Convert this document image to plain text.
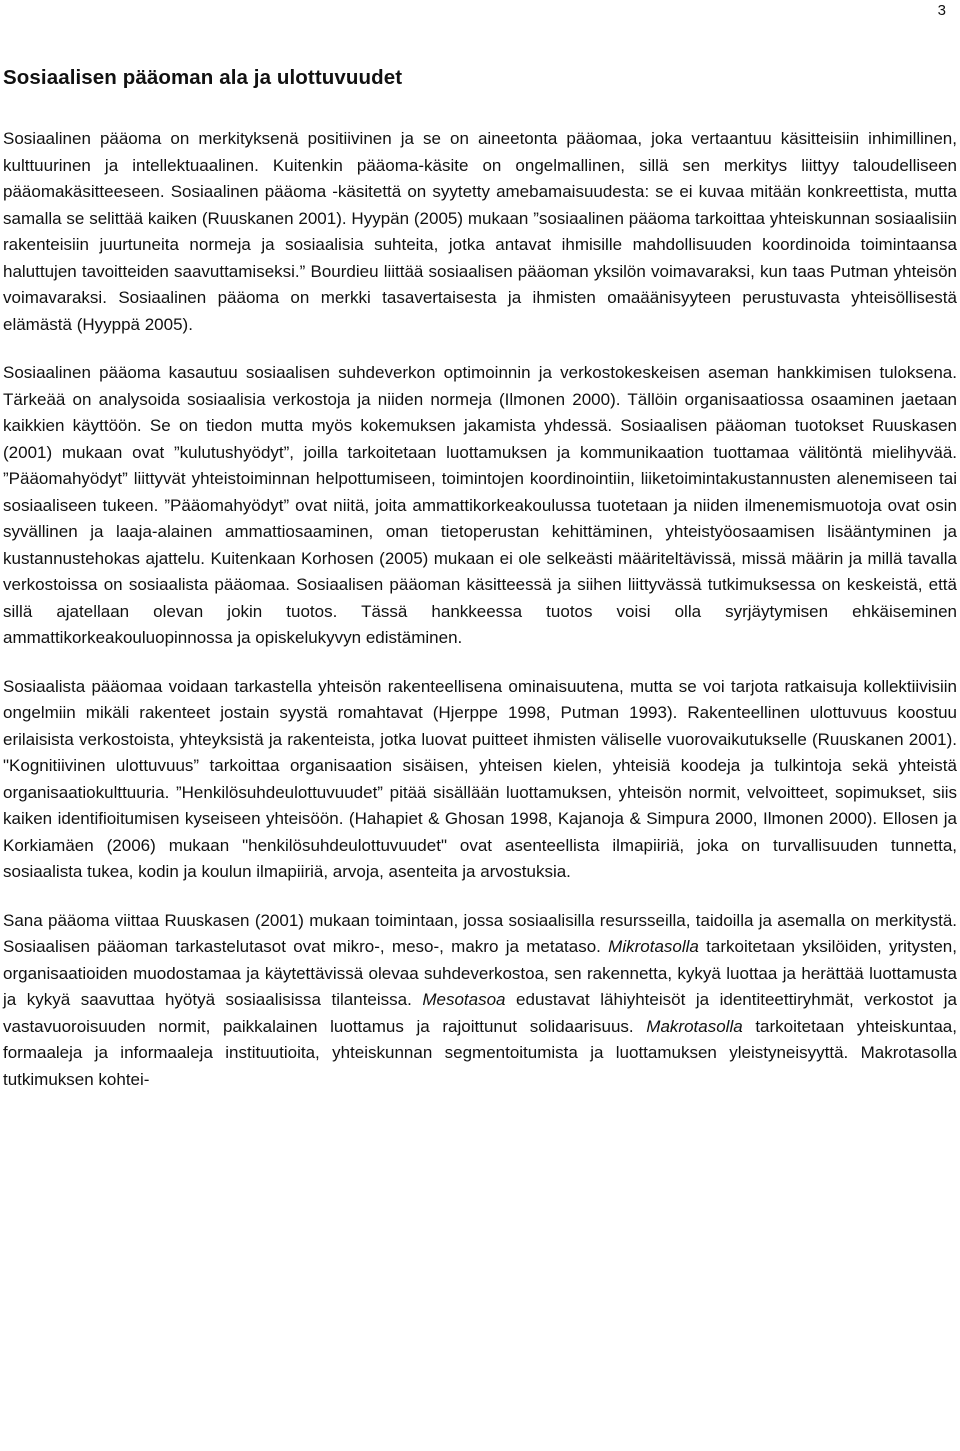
3
Sosiaalisen pääoman ala ja ulottuvuudet

Sosiaalinen pääoma on merkityksenä positiivinen ja se on aineetonta pääomaa, joka vertaantuu käsitteisiin inhimillinen, kulttuurinen ja intellektuaalinen. Kuitenkin pääoma-käsite on ongelmallinen, sillä sen merkitys liittyy taloudelliseen pääomakäsitteeseen. Sosiaalinen pääoma -käsitettä on syytetty amebamaisuudesta: se ei kuvaa mitään konkreettista, mutta samalla se selittää kaiken (Ruuskanen 2001). Hyypän (2005) mukaan ”sosiaalinen pääoma tarkoittaa yhteiskunnan sosiaalisiin rakenteisiin juurtuneita normeja ja sosiaalisia suhteita, jotka antavat ihmisille mahdollisuuden koordinoida toimintaansa haluttujen tavoitteiden saavuttamiseksi.” Bourdieu liittää sosiaalisen pääoman yksilön voimavaraksi, kun taas Putman yhteisön voimavaraksi. Sosiaalinen pääoma on merkki tasavertaisesta ja ihmisten omaäänisyyteen perustuvasta yhteisöllisestä elämästä (Hyyppä 2005).

Sosiaalinen pääoma kasautuu sosiaalisen suhdeverkon optimoinnin ja verkostokeskeisen aseman hankkimisen tuloksena. Tärkeää on analysoida sosiaalisia verkostoja ja niiden normeja (Ilmonen 2000). Tällöin organisaatiossa osaaminen jaetaan kaikkien käyttöön. Se on tiedon mutta myös kokemuksen jakamista yhdessä. Sosiaalisen pääoman tuotokset Ruuskasen (2001) mukaan ovat ”kulutushyödyt”, joilla tarkoitetaan luottamuksen ja kommunikaation tuottamaa välitöntä mielihyvää. ”Pääomahyödyt” liittyvät yhteistoiminnan helpottumiseen, toimintojen koordinointiin, liiketoimintakustannusten alenemiseen tai sosiaaliseen tukeen. ”Pääomahyödyt” ovat niitä, joita ammattikorkeakoulussa tuotetaan ja niiden ilmenemismuotoja ovat osin syvällinen ja laaja-alainen ammattiosaaminen, oman tietoperustan kehittäminen, yhteistyöosaamisen lisääntyminen ja kustannustehokas ajattelu. Kuitenkaan Korhosen (2005) mukaan ei ole selkeästi määriteltävissä, missä määrin ja millä tavalla verkostoissa on sosiaalista pääomaa. Sosiaalisen pääoman käsitteessä ja siihen liittyvässä tutkimuksessa on keskeistä, että sillä ajatellaan olevan jokin tuotos. Tässä hankkeessa tuotos voisi olla syrjäytymisen ehkäiseminen ammattikorkeakouluopinnossa ja opiskelukyvyn edistäminen.

Sosiaalista pääomaa voidaan tarkastella yhteisön rakenteellisena ominaisuutena, mutta se voi tarjota ratkaisuja kollektiivisiin ongelmiin mikäli rakenteet jostain syystä romahtavat (Hjerppe 1998, Putman 1993). Rakenteellinen ulottuvuus koostuu erilaisista verkostoista, yhteyksistä ja rakenteista, jotka luovat puitteet ihmisten väliselle vuorovaikutukselle (Ruuskanen 2001). "Kognitiivinen ulottuvuus” tarkoittaa organisaation sisäisen, yhteisen kielen, yhteisiä koodeja ja tulkintoja sekä yhteistä organisaatiokulttuuria. ”Henkilösuhdeulottuvuudet” pitää sisällään luottamuksen, yhteisön normit, velvoitteet, sopimukset, siis kaiken identifioitumisen kyseiseen yhteisöön. (Hahapiet & Ghosan 1998, Kajanoja & Simpura 2000, Ilmonen 2000). Ellosen ja Korkiamäen (2006) mukaan "henkilösuhdeulottuvuudet" ovat asenteellista ilmapiiriä, joka on turvallisuuden tunnetta, sosiaalista tukea, kodin ja koulun ilmapiiriä, arvoja, asenteita ja arvostuksia.

Sana pääoma viittaa Ruuskasen (2001) mukaan toimintaan, jossa sosiaalisilla resursseilla, taidoilla ja asemalla on merkitystä. Sosiaalisen pääoman tarkastelutasot ovat mikro-, meso-, makro ja metataso. Mikrotasolla tarkoitetaan yksilöiden, yritysten, organisaatioiden muodostamaa ja käytettävissä olevaa suhdeverkostoa, sen rakennetta, kykyä luottaa ja herättää luottamusta ja kykyä saavuttaa hyötyä sosiaalisissa tilanteissa. Mesotasoa edustavat lähiyhteisöt ja identiteettiryhmät, verkostot ja vastavuoroisuuden normit, paikkalainen luottamus ja rajoittunut solidaarisuus. Makrotasolla tarkoitetaan yhteiskuntaa, formaaleja ja informaaleja instituutioita, yhteiskunnan segmentoitumista ja luottamuksen yleistyneisyyttä. Makrotasolla tutkimuksen kohtei-
